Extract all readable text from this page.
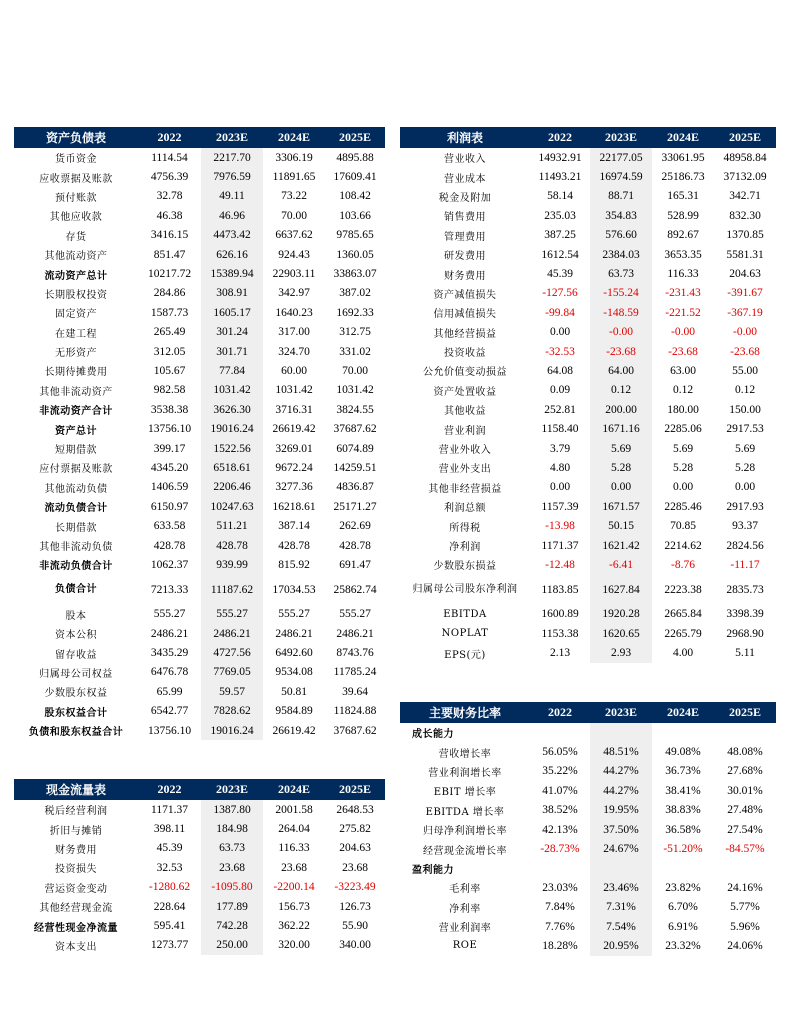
资产负债表	2022	2023E	2024E	2025E
货币资金	1114.54	2217.70	3306.19	4895.88
应收票据及账款	4756.39	7976.59	11891.65	17609.41
预付账款	32.78	49.11	73.22	108.42
其他应收款	46.38	46.96	70.00	103.66
存货	3416.15	4473.42	6637.62	9785.65
其他流动资产	851.47	626.16	924.43	1360.05
流动资产总计	10217.72	15389.94	22903.11	33863.07
长期股权投资	284.86	308.91	342.97	387.02
固定资产	1587.73	1605.17	1640.23	1692.33
在建工程	265.49	301.24	317.00	312.75
无形资产	312.05	301.71	324.70	331.02
长期待摊费用	105.67	77.84	60.00	70.00
其他非流动资产	982.58	1031.42	1031.42	1031.42
非流动资产合计	3538.38	3626.30	3716.31	3824.55
资产总计	13756.10	19016.24	26619.42	37687.62
短期借款	399.17	1522.56	3269.01	6074.89
应付票据及账款	4345.20	6518.61	9672.24	14259.51
其他流动负债	1406.59	2206.46	3277.36	4836.87
流动负债合计	6150.97	10247.63	16218.61	25171.27
长期借款	633.58	511.21	387.14	262.69
其他非流动负债	428.78	428.78	428.78	428.78
非流动负债合计	1062.37	939.99	815.92	691.47
负债合计	7213.33	11187.62	17034.53	25862.74
股本	555.27	555.27	555.27	555.27
资本公积	2486.21	2486.21	2486.21	2486.21
留存收益	3435.29	4727.56	6492.60	8743.76
归属母公司权益	6476.78	7769.05	9534.08	11785.24
少数股东权益	65.99	59.57	50.81	39.64
股东权益合计	6542.77	7828.62	9584.89	11824.88
负债和股东权益合计	13756.10	19016.24	26619.42	37687.62
现金流量表	2022	2023E	2024E	2025E
税后经营利润	1171.37	1387.80	2001.58	2648.53
折旧与摊销	398.11	184.98	264.04	275.82
财务费用	45.39	63.73	116.33	204.63
投资损失	32.53	23.68	23.68	23.68
营运资金变动	-1280.62	-1095.80	-2200.14	-3223.49
其他经营现金流	228.64	177.89	156.73	126.73
经营性现金净流量	595.41	742.28	362.22	55.90
资本支出	1273.77	250.00	320.00	340.00
利润表	2022	2023E	2024E	2025E
营业收入	14932.91	22177.05	33061.95	48958.84
营业成本	11493.21	16974.59	25186.73	37132.09
税金及附加	58.14	88.71	165.31	342.71
销售费用	235.03	354.83	528.99	832.30
管理费用	387.25	576.60	892.67	1370.85
研发费用	1612.54	2384.03	3653.35	5581.31
财务费用	45.39	63.73	116.33	204.63
资产减值损失	-127.56	-155.24	-231.43	-391.67
信用减值损失	-99.84	-148.59	-221.52	-367.19
其他经营损益	0.00	-0.00	-0.00	-0.00
投资收益	-32.53	-23.68	-23.68	-23.68
公允价值变动损益	64.08	64.00	63.00	55.00
资产处置收益	0.09	0.12	0.12	0.12
其他收益	252.81	200.00	180.00	150.00
营业利润	1158.40	1671.16	2285.06	2917.53
营业外收入	3.79	5.69	5.69	5.69
营业外支出	4.80	5.28	5.28	5.28
其他非经营损益	0.00	0.00	0.00	0.00
利润总额	1157.39	1671.57	2285.46	2917.93
所得税	-13.98	50.15	70.85	93.37
净利润	1171.37	1621.42	2214.62	2824.56
少数股东损益	-12.48	-6.41	-8.76	-11.17
归属母公司股东净利润	1183.85	1627.84	2223.38	2835.73
EBITDA	1600.89	1920.28	2665.84	3398.39
NOPLAT	1153.38	1620.65	2265.79	2968.90
EPS(元)	2.13	2.93	4.00	5.11
主要财务比率	2022	2023E	2024E	2025E
成长能力
营收增长率	56.05%	48.51%	49.08%	48.08%
营业利润增长率	35.22%	44.27%	36.73%	27.68%
EBIT 增长率	41.07%	44.27%	38.41%	30.01%
EBITDA 增长率	38.52%	19.95%	38.83%	27.48%
归母净利润增长率	42.13%	37.50%	36.58%	27.54%
经营现金流增长率	-28.73%	24.67%	-51.20%	-84.57%
盈利能力
毛利率	23.03%	23.46%	23.82%	24.16%
净利率	7.84%	7.31%	6.70%	5.77%
营业利润率	7.76%	7.54%	6.91%	5.96%
ROE	18.28%	20.95%	23.32%	24.06%
